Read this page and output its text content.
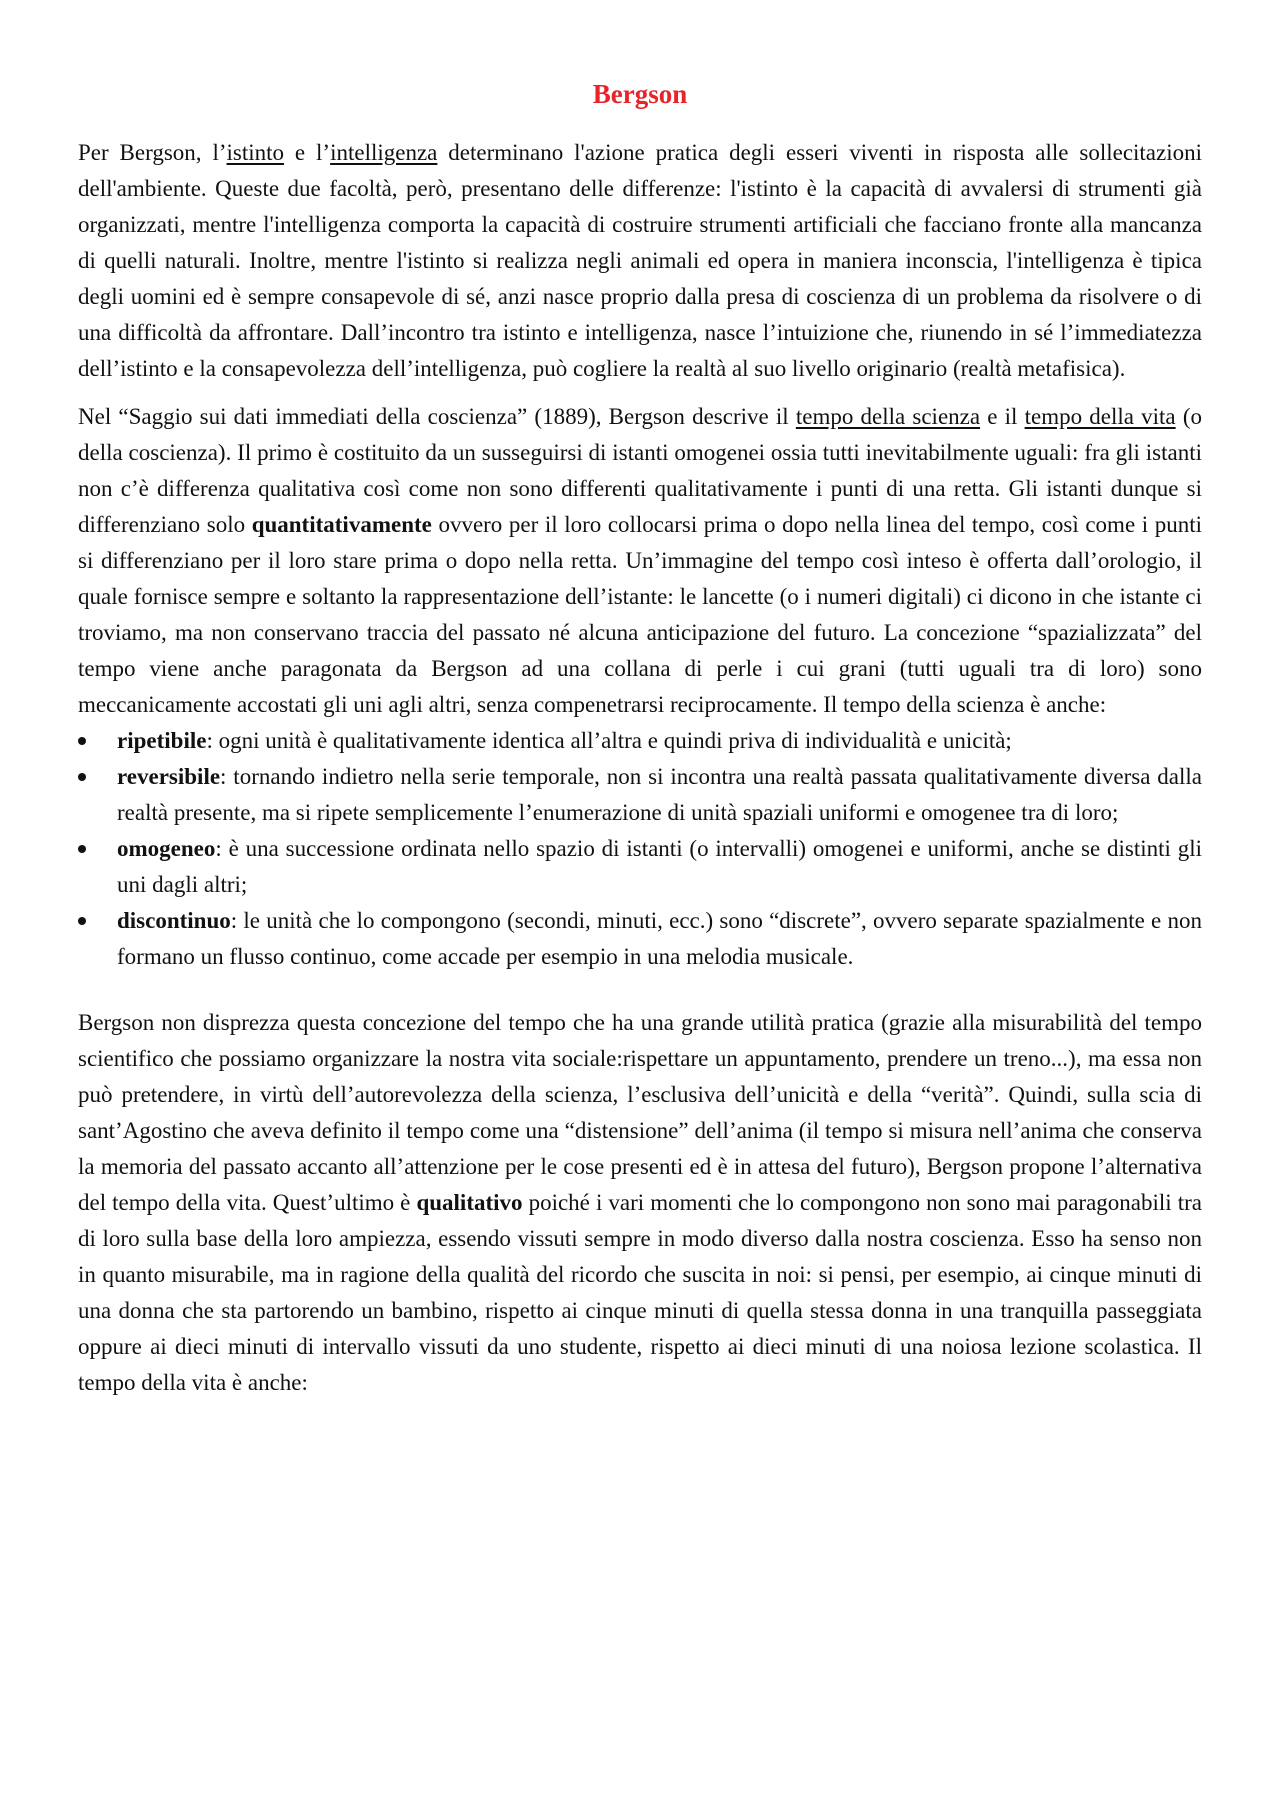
Bergson

Per Bergson, l’istinto e l’intelligenza determinano l'azione pratica degli esseri viventi in risposta alle sollecitazioni dell'ambiente. Queste due facoltà, però, presentano delle differenze: l'istinto è la capacità di avvalersi di strumenti già organizzati, mentre l'intelligenza comporta la capacità di costruire strumenti artificiali che facciano fronte alla mancanza di quelli naturali. Inoltre, mentre l'istinto si realizza negli animali ed opera in maniera inconscia, l'intelligenza è tipica degli uomini ed è sempre consapevole di sé, anzi nasce proprio dalla presa di coscienza di un problema da risolvere o di una difficoltà da affrontare. Dall’incontro tra istinto e intelligenza, nasce l’intuizione che, riunendo in sé l’immediatezza dell’istinto e la consapevolezza dell’intelligenza, può cogliere la realtà al suo livello originario (realtà metafisica).

Nel “Saggio sui dati immediati della coscienza” (1889), Bergson descrive il tempo della scienza e il tempo della vita (o della coscienza). Il primo è costituito da un susseguirsi di istanti omogenei ossia tutti inevitabilmente uguali: fra gli istanti non c’è differenza qualitativa così come non sono differenti qualitativamente i punti di una retta. Gli istanti dunque si differenziano solo quantitativamente ovvero per il loro collocarsi prima o dopo nella linea del tempo, così come i punti si differenziano per il loro stare prima o dopo nella retta. Un’immagine del tempo così inteso è offerta dall’orologio, il quale fornisce sempre e soltanto la rappresentazione dell’istante: le lancette (o i numeri digitali) ci dicono in che istante ci troviamo, ma non conservano traccia del passato né alcuna anticipazione del futuro. La concezione “spazializzata” del tempo viene anche paragonata da Bergson ad una collana di perle i cui grani (tutti uguali tra di loro) sono meccanicamente accostati gli uni agli altri, senza compenetrarsi reciprocamente. Il tempo della scienza è anche:

ripetibile: ogni unità è qualitativamente identica all’altra e quindi priva di individualità e unicità;
reversibile: tornando indietro nella serie temporale, non si incontra una realtà passata qualitativamente diversa dalla realtà presente, ma si ripete semplicemente l’enumerazione di unità spaziali uniformi e omogenee tra di loro;
omogeneo: è una successione ordinata nello spazio di istanti (o intervalli) omogenei e uniformi, anche se distinti gli uni dagli altri;
discontinuo: le unità che lo compongono (secondi, minuti, ecc.) sono “discrete”, ovvero separate spazialmente e non formano un flusso continuo, come accade per esempio in una melodia musicale.

Bergson non disprezza questa concezione del tempo che ha una grande utilità pratica (grazie alla misurabilità del tempo scientifico che possiamo organizzare la nostra vita sociale:rispettare un appuntamento, prendere un treno...), ma essa non può pretendere, in virtù dell’autorevolezza della scienza, l’esclusiva dell’unicità e della “verità”. Quindi, sulla scia di sant’Agostino che aveva definito il tempo come una “distensione” dell’anima (il tempo si misura nell’anima che conserva la memoria del passato accanto all’attenzione per le cose presenti ed è in attesa del futuro), Bergson propone l’alternativa del tempo della vita. Quest’ultimo è qualitativo poiché i vari momenti che lo compongono non sono mai paragonabili tra di loro sulla base della loro ampiezza, essendo vissuti sempre in modo diverso dalla nostra coscienza. Esso ha senso non in quanto misurabile, ma in ragione della qualità del ricordo che suscita in noi: si pensi, per esempio, ai cinque minuti di una donna che sta partorendo un bambino, rispetto ai cinque minuti di quella stessa donna in una tranquilla passeggiata oppure ai dieci minuti di intervallo vissuti da uno studente, rispetto ai dieci minuti di una noiosa lezione scolastica. Il tempo della vita è anche:
